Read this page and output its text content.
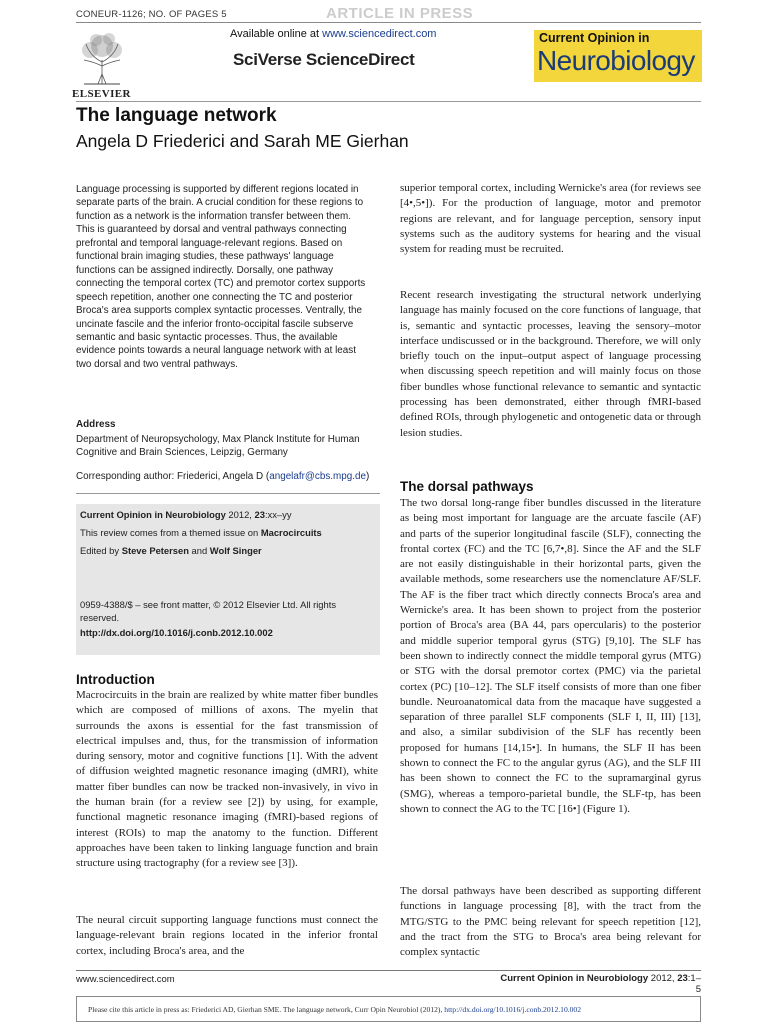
CONEUR-1126; NO. OF PAGES 5	ARTICLE IN PRESS
Available online at www.sciencedirect.com
SciVerse ScienceDirect
ELSEVIER
Current Opinion in
Neurobiology
The language network
Angela D Friederici and Sarah ME Gierhan
Language processing is supported by different regions located in separate parts of the brain. A crucial condition for these regions to function as a network is the information transfer between them. This is guaranteed by dorsal and ventral pathways connecting prefrontal and temporal language-relevant regions. Based on functional brain imaging studies, these pathways' language functions can be assigned indirectly. Dorsally, one pathway connecting the temporal cortex (TC) and premotor cortex supports speech repetition, another one connecting the TC and posterior Broca's area supports complex syntactic processes. Ventrally, the uncinate fascile and the inferior fronto-occipital fascile subserve semantic and basic syntactic processes. Thus, the available evidence points towards a neural language network with at least two dorsal and two ventral pathways.
Address
Department of Neuropsychology, Max Planck Institute for Human Cognitive and Brain Sciences, Leipzig, Germany
Corresponding author: Friederici, Angela D (angelafr@cbs.mpg.de)
Current Opinion in Neurobiology 2012, 23:xx–yy
This review comes from a themed issue on Macrocircuits
Edited by Steve Petersen and Wolf Singer
0959-4388/$ – see front matter, © 2012 Elsevier Ltd. All rights reserved.
http://dx.doi.org/10.1016/j.conb.2012.10.002
Introduction
Macrocircuits in the brain are realized by white matter fiber bundles which are composed of millions of axons. The myelin that surrounds the axons is essential for the fast transmission of electrical impulses and, thus, for the transmission of information during sensory, motor and cognitive functions [1]. With the advent of diffusion weighted magnetic resonance imaging (dMRI), white matter fiber bundles can now be tracked non-invasively, in vivo in the human brain (for a review see [2]) by using, for example, functional magnetic resonance imaging (fMRI)-based regions of interest (ROIs) to map the anatomy to the function. Different approaches have been taken to linking language function and brain structure using tractography (for a review see [3]).
The neural circuit supporting language functions must connect the language-relevant brain regions located in the inferior frontal cortex, including Broca's area, and the
superior temporal cortex, including Wernicke's area (for reviews see [4•,5•]). For the production of language, motor and premotor regions are relevant, and for language perception, sensory input systems such as the auditory systems for hearing and the visual system for reading must be recruited.
Recent research investigating the structural network underlying language has mainly focused on the core functions of language, that is, semantic and syntactic processes, leaving the sensory–motor interface undiscussed or in the background. Therefore, we will only briefly touch on the input–output aspect of language processing when discussing speech repetition and will mainly focus on those fiber bundles whose functional relevance to semantic and syntactic processing has been demonstrated, either through fMRI-based defined ROIs, through phylogenetic and ontogenetic data or through lesion studies.
The dorsal pathways
The two dorsal long-range fiber bundles discussed in the literature as being most important for language are the arcuate fascile (AF) and parts of the superior longitudinal fascile (SLF), connecting the frontal cortex (FC) and the TC [6,7•,8]. Since the AF and the SLF are not easily distinguishable in their horizontal parts, given the available methods, some researchers use the nomenclature AF/SLF. The AF is the fiber tract which directly connects Broca's area and Wernicke's area. It has been shown to project from the posterior portion of Broca's area (BA 44, pars opercularis) to the posterior and middle superior temporal gyrus (STG) [9,10]. The SLF has been shown to indirectly connect the middle temporal gyrus (MTG) or STG with the dorsal premotor cortex (PMC) via the parietal cortex (PC) [10–12]. The SLF itself consists of more than one fiber bundle. Neuroanatomical data from the macaque have suggested a separation of three parallel SLF components (SLF I, II, III) [13], and also, a similar subdivision of the SLF has recently been proposed for humans [14,15•]. In humans, the SLF II has been shown to connect the FC to the angular gyrus (AG), and the SLF III has been shown to connect the FC to the supramarginal gyrus (SMG), whereas a temporo-parietal bundle, the SLF-tp, has been shown to connect the AG to the TC [16•] (Figure 1).
The dorsal pathways have been described as supporting different functions in language processing [8], with the tract from the MTG/STG to the PMC being relevant for speech repetition [12], and the tract from the STG to Broca's area being relevant for complex syntactic
www.sciencedirect.com	Current Opinion in Neurobiology 2012, 23:1–5
Please cite this article in press as: Friederici AD, Gierhan SME. The language network, Curr Opin Neurobiol (2012), http://dx.doi.org/10.1016/j.conb.2012.10.002
